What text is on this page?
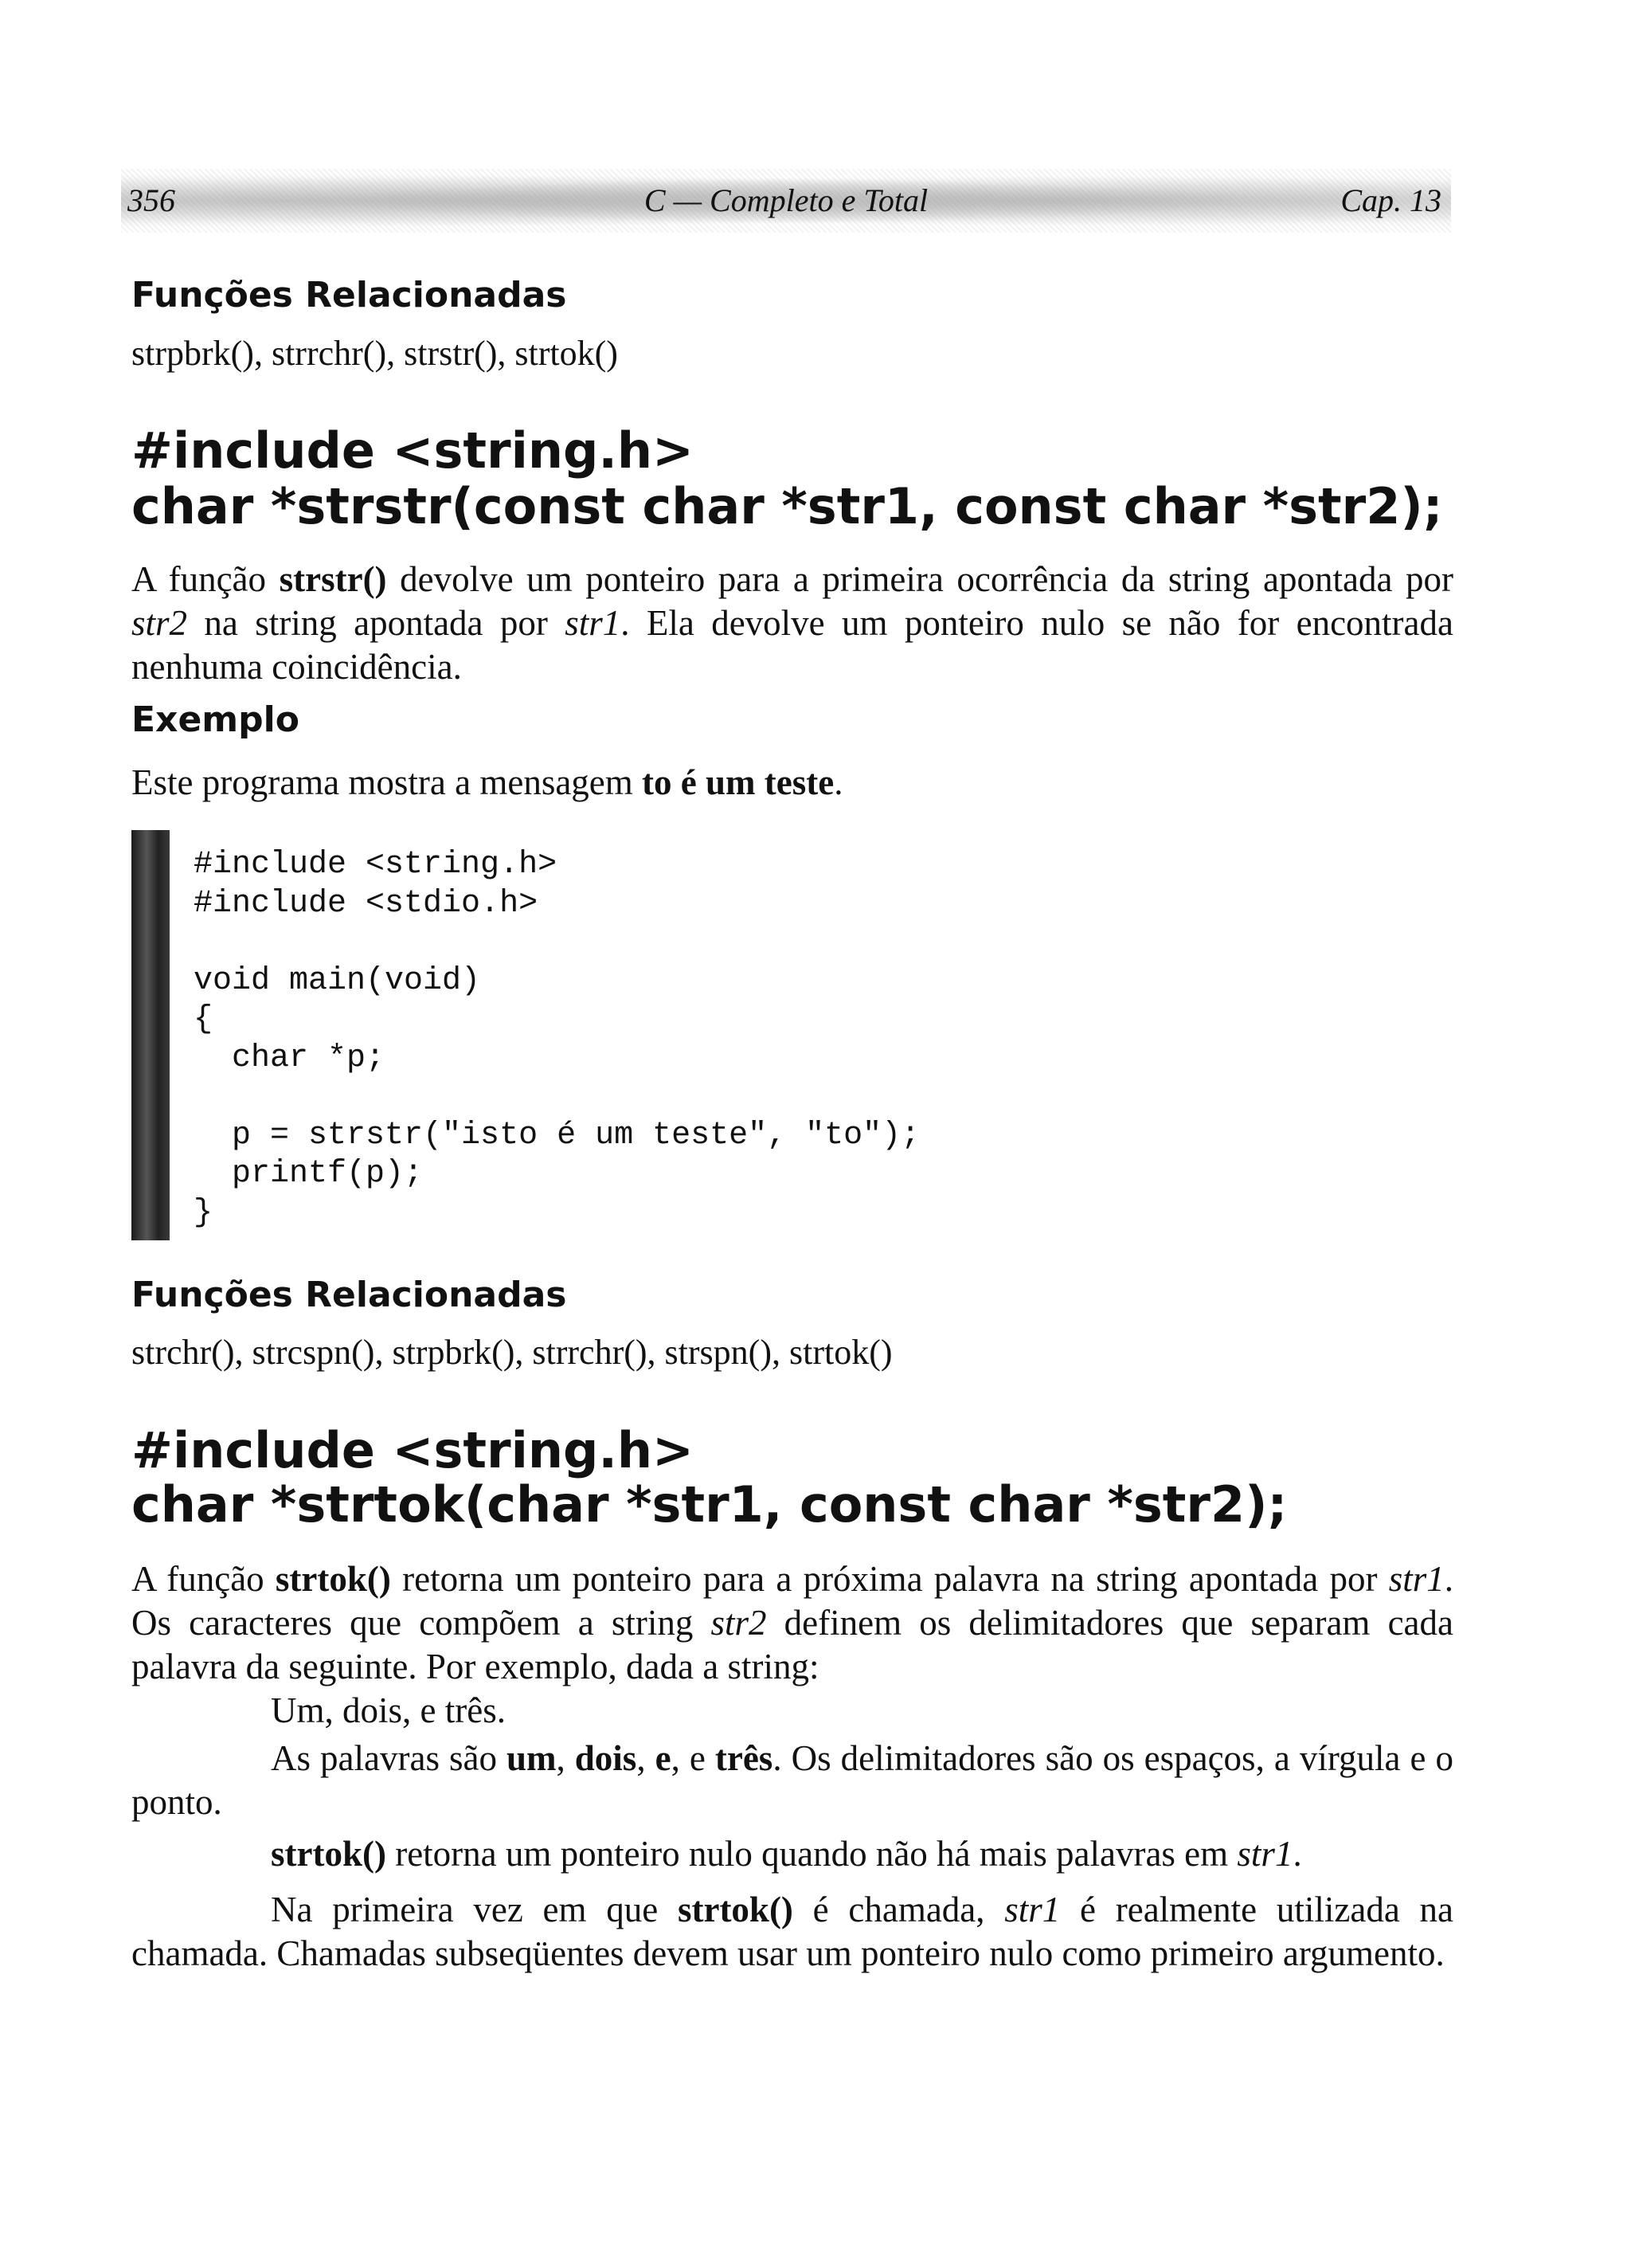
356	C — Completo e Total	Cap. 13
Funções Relacionadas
strpbrk(), strrchr(), strstr(), strtok()
#include <string.h>
char *strstr(const char *str1, const char *str2);

A função strstr() devolve um ponteiro para a primeira ocorrência da string apontada por str2 na string apontada por str1. Ela devolve um ponteiro nulo se não for encontrada nenhuma coincidência.

Exemplo

Este programa mostra a mensagem to é um teste.

#include <string.h>
#include <stdio.h>

void main(void)
{
char *p;

p = strstr("isto é um teste", "to");
printf(p);
}
Funções Relacionadas
strchr(), strcspn(), strpbrk(), strrchr(), strspn(), strtok()
#include <string.h>
char *strtok(char *str1, const char *str2);

A função strtok() retorna um ponteiro para a próxima palavra na string apontada por str1. Os caracteres que compõem a string str2 definem os delimitadores que separam cada palavra da seguinte. Por exemplo, dada a string:

Um, dois, e três.

As palavras são um, dois, e, e três. Os delimitadores são os espaços, a vírgula e o ponto.

strtok() retorna um ponteiro nulo quando não há mais palavras em str1.

Na primeira vez em que strtok() é chamada, str1 é realmente utilizada na chamada. Chamadas subseqüentes devem usar um ponteiro nulo como primeiro argumento.
